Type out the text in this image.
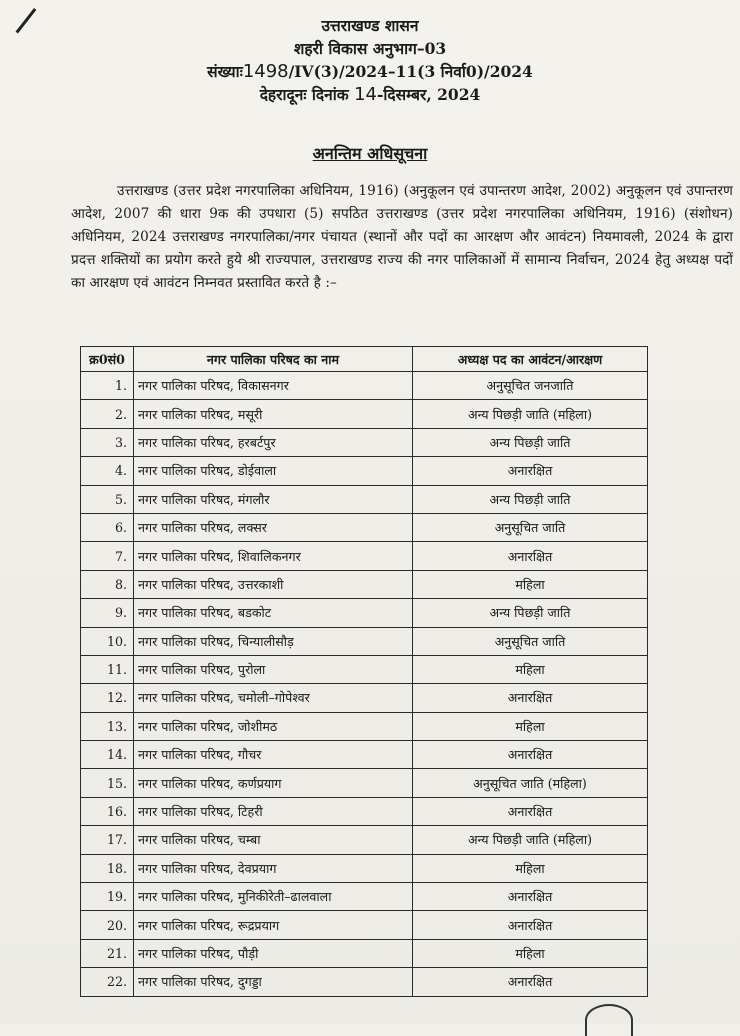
उत्तराखण्ड शासन
शहरी विकास अनुभाग–03
संख्याः1498/IV(3)/2024–11(3 निर्वा0)/2024
देहरादूनः दिनांक 14-दिसम्बर, 2024
अनन्तिम अधिसूचना
उत्तराखण्ड (उत्तर प्रदेश नगरपालिका अधिनियम, 1916) (अनुकूलन एवं उपान्तरण आदेश, 2002) अनुकूलन एवं उपान्तरण आदेश, 2007 की धारा 9क की उपधारा (5) सपठित उत्तराखण्ड (उत्तर प्रदेश नगरपालिका अधिनियम, 1916) (संशोधन) अधिनियम, 2024 उत्तराखण्ड नगरपालिका/नगर पंचायत (स्थानों और पदों का आरक्षण और आवंटन) नियमावली, 2024 के द्वारा प्रदत्त शक्तियों का प्रयोग करते हुये श्री राज्यपाल, उत्तराखण्ड राज्य की नगर पालिकाओं में सामान्य निर्वाचन, 2024 हेतु अध्यक्ष पदों का आरक्षण एवं आवंटन निम्नवत प्रस्तावित करते है :–
क्र0सं0	नगर पालिका परिषद का नाम	अध्यक्ष पद का आवंटन/आरक्षण
1.	नगर पालिका परिषद, विकासनगर	अनुसूचित जनजाति
2.	नगर पालिका परिषद, मसूरी	अन्य पिछड़ी जाति (महिला)
3.	नगर पालिका परिषद, हरबर्टपुर	अन्य पिछड़ी जाति
4.	नगर पालिका परिषद, डोईवाला	अनारक्षित
5.	नगर पालिका परिषद, मंगलौर	अन्य पिछड़ी जाति
6.	नगर पालिका परिषद, लक्सर	अनुसूचित जाति
7.	नगर पालिका परिषद, शिवालिकनगर	अनारक्षित
8.	नगर पालिका परिषद, उत्तरकाशी	महिला
9.	नगर पालिका परिषद, बडकोट	अन्य पिछड़ी जाति
10.	नगर पालिका परिषद, चिन्यालीसौड़	अनुसूचित जाति
11.	नगर पालिका परिषद, पुरोला	महिला
12.	नगर पालिका परिषद, चमोली–गोपेश्वर	अनारक्षित
13.	नगर पालिका परिषद, जोशीमठ	महिला
14.	नगर पालिका परिषद, गौचर	अनारक्षित
15.	नगर पालिका परिषद, कर्णप्रयाग	अनुसूचित जाति (महिला)
16.	नगर पालिका परिषद, टिहरी	अनारक्षित
17.	नगर पालिका परिषद, चम्बा	अन्य पिछड़ी जाति (महिला)
18.	नगर पालिका परिषद, देवप्रयाग	महिला
19.	नगर पालिका परिषद, मुनिकीरेती–ढालवाला	अनारक्षित
20.	नगर पालिका परिषद, रूद्रप्रयाग	अनारक्षित
21.	नगर पालिका परिषद, पौड़ी	महिला
22.	नगर पालिका परिषद, दुगड्डा	अनारक्षित
